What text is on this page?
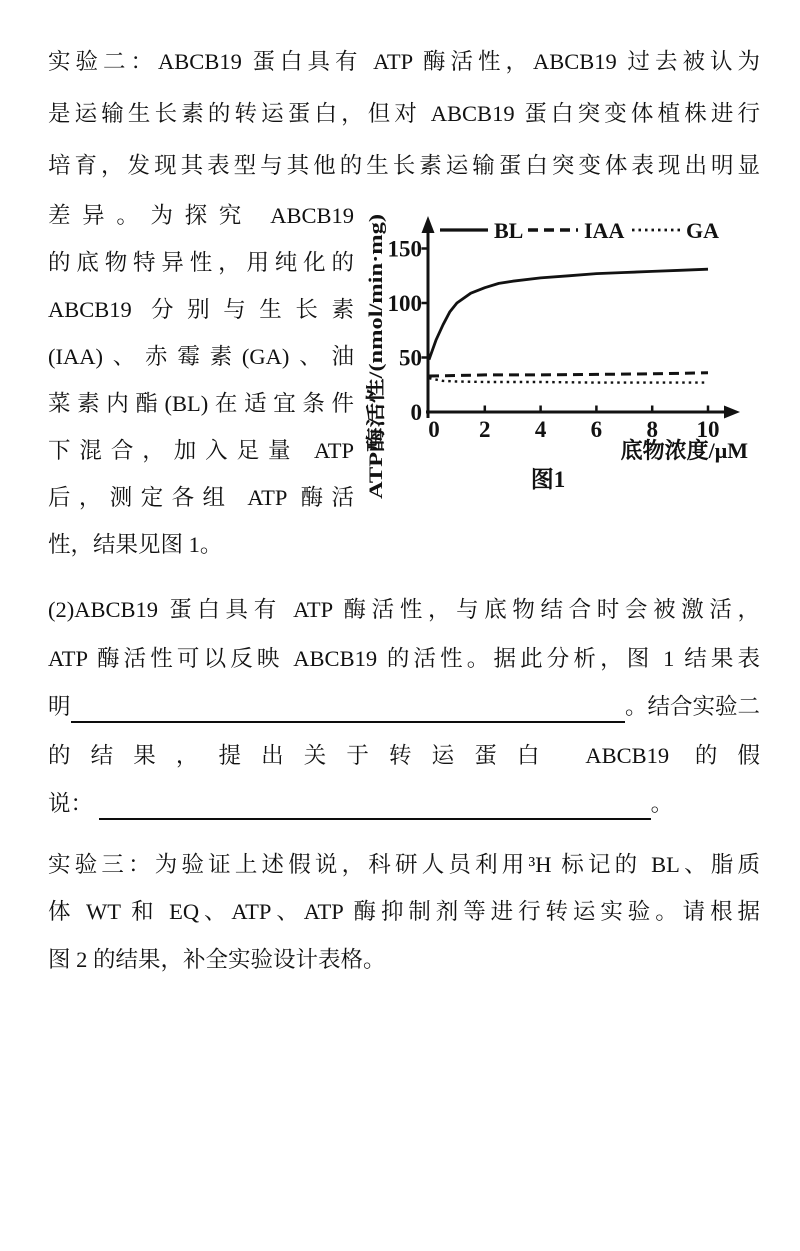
实验二：ABCB19 蛋白具有 ATP 酶活性，ABCB19 过去被认为
是运输生长素的转运蛋白，但对 ABCB19 蛋白突变体植株进行
培育，发现其表型与其他的生长素运输蛋白突变体表现出明显
差异。为探究 ABCB19
的底物特异性，用纯化的
ABCB19 分别与生长素
(IAA)、赤霉素(GA)、油
菜素内酯(BL)在适宜条件
下混合，加入足量 ATP
后，测定各组 ATP 酶活
性，结果见图 1。
0 2 4 6 8 10
0
50
100
150
BL	IAA	GA
ATP酶活性/(nmol/min·mg)	底物浓度/μM
图1
(2)ABCB19 蛋白具有 ATP 酶活性，与底物结合时会被激活，
ATP 酶活性可以反映 ABCB19 的活性。据此分析，图 1 结果表
明	。结合实验二
的结果，提出关于转运蛋白 ABCB19 的假
说：	。
实验三：为验证上述假说，科研人员利用³H 标记的 BL、脂质
体 WT 和 EQ、ATP、ATP 酶抑制剂等进行转运实验。请根据
图 2 的结果，补全实验设计表格。
